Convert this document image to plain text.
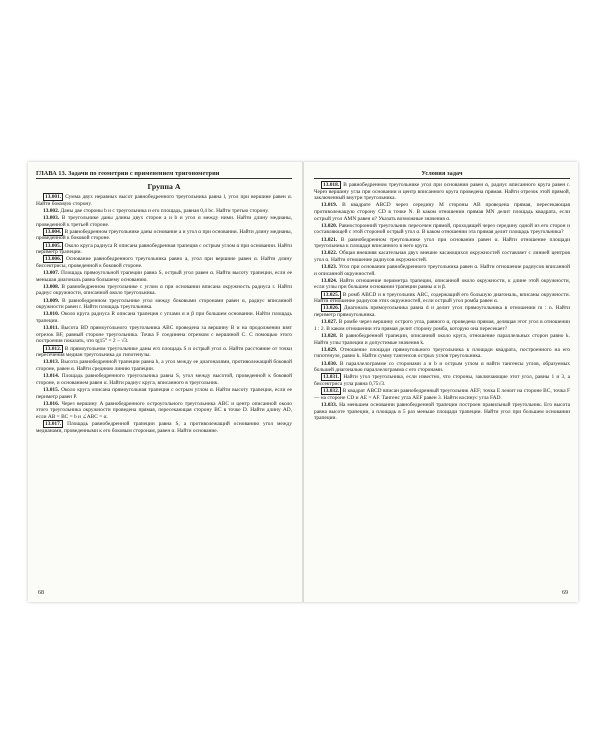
ГЛАВА 13. Задачи по геометрии с применением тригонометрии
Группа А

13.001. Сумма двух неравных высот равнобедренного треугольника равна l, угол при вершине равен α. Найти боковую сторону.

13.002. Даны две стороны b и c треугольника и его площадь, равная 0,4 bc. Найти третью сторону.

13.003. В треугольнике даны длины двух сторон a и b и угол α между ними. Найти длину медианы, проведенной к третьей стороне.

13.004. В равнобедренном треугольнике даны основание a и угол α при основании. Найти длину медианы, проведенной к боковой стороне.

13.005. Около круга радиуса R описана равнобедренная трапеция с острым углом α при основании. Найти периметр трапеции.

13.006. Основание равнобедренного треугольника равно a, угол при вершине равен α. Найти длину биссектрисы, проведенной к боковой стороне.

13.007. Площадь прямоугольной трапеции равна S, острый угол равен α. Найти высоту трапеции, если ее меньшая диагональ равна большему основанию.

13.008. В равнобедренном треугольнике с углом α при основании вписана окружность радиуса r. Найти радиус окружности, описанной около треугольника.

13.009. В равнобедренном треугольнике угол между боковыми сторонами равен α, радиус вписанной окружности равен r. Найти площадь треугольника.

13.010. Около круга радиуса R описана трапеция с углами α и β при большем основании. Найти площадь трапеции.

13.011. Высота BD прямоугольного треугольника ABC проведена за вершину B и на продолжении взят отрезок BF, равный стороне треугольника. Точка F соединена отрезком с вершиной C. С помощью этого построения показать, что tg15° = 2 − √3.

13.012. В прямоугольном треугольнике даны его площадь S и острый угол α. Найти расстояние от точки пересечения медиан треугольника до гипотенузы.

13.013. Высота равнобедренной трапеции равна h, а угол между ее диагоналями, противолежащий боковой стороне, равен α. Найти среднюю линию трапеции.

13.014. Площадь равнобедренного треугольника равна S, угол между высотой, проведенной к боковой стороне, и основанием равен α. Найти радиус круга, вписанного в треугольник.

13.015. Около круга описана прямоугольная трапеция с острым углом α. Найти высоту трапеции, если ее периметр равен P.

13.016. Через вершину A равнобедренного остроугольного треугольника ABC и центр описанной около этого треугольника окружности проведена прямая, пересекающая сторону BC в точке D. Найти длину AD, если AB = BC = b и ∠ABC = α.

13.017. Площадь равнобедренной трапеции равна S, а противолежащий основанию угол между медианами, проведенными к его боковым сторонам, равен α. Найти основание.

68
Условия задач

13.018. В равнобедренном треугольнике угол при основании равен α, радиус вписанного круга равен r. Через вершину угла при основании и центр вписанного круга проведена прямая. Найти отрезок этой прямой, заключенный внутри треугольника.

13.019. В квадрате ABCD через середину M стороны AB проведена прямая, пересекающая противолежащую сторону CD в точке N. В каком отношении прямая MN делит площадь квадрата, если острый угол AMN равен α? Указать возможные значения α.

13.020. Равносторонний треугольник пересечен прямой, проходящей через середину одной из его сторон и составляющей с этой стороной острый угол α. В каком отношении эта прямая делит площадь треугольника?

13.021. В равнобедренном треугольнике угол при основании равен α. Найти отношение площади треугольника к площади вписанного в него круга.

13.022. Общая внешняя касательная двух внешне касающихся окружностей составляет с линией центров угол α. Найти отношение радиусов окружностей.

13.023. Угол при основании равнобедренного треугольника равен α. Найти отношение радиусов вписанной и описанной окружностей.

13.024. Найти отношение периметра трапеции, описанной около окружности, к длине этой окружности, если углы при большем основании трапеции равны α и β.

13.025. В ромб ABCD и в треугольник ABC, содержащий его большую диагональ, вписаны окружности. Найти отношение радиусов этих окружностей, если острый угол ромба равен α.

13.026. Диагональ прямоугольника равна d и делит угол прямоугольника в отношении m : n. Найти периметр прямоугольника.

13.027. В ромбе через вершину острого угла, равного α, проведена прямая, делящая этот угол в отношении 1 : 2. В каком отношении эта прямая делит сторону ромба, которую она пересекает?

13.028. В равнобедренной трапеции, описанной около круга, отношение параллельных сторон равно k. Найти углы трапеции и допустимые значения k.

13.029. Отношение площади прямоугольного треугольника к площади квадрата, построенного на его гипотенузе, равно k. Найти сумму тангенсов острых углов треугольника.

13.030. В параллелограмме со сторонами a и b и острым углом α найти тангенсы углов, образуемых большей диагональю параллелограмма с его сторонами.

13.031. Найти угол треугольника, если известно, что стороны, заключающие этот угол, равны 1 и 3, а биссектриса угла равна 0,75√3.

13.032. В квадрат ABCD вписан равнобедренный треугольник AEF; точка E лежит на стороне BC, точка F — на стороне CD и AE = AF. Тангенс угла AEF равен 3. Найти косинус угла FAD.

13.033. На меньшем основании равнобедренной трапеции построен правильный треугольник. Его высота равна высоте трапеции, а площадь в 5 раз меньше площади трапеции. Найти угол при большем основании трапеции.

69
